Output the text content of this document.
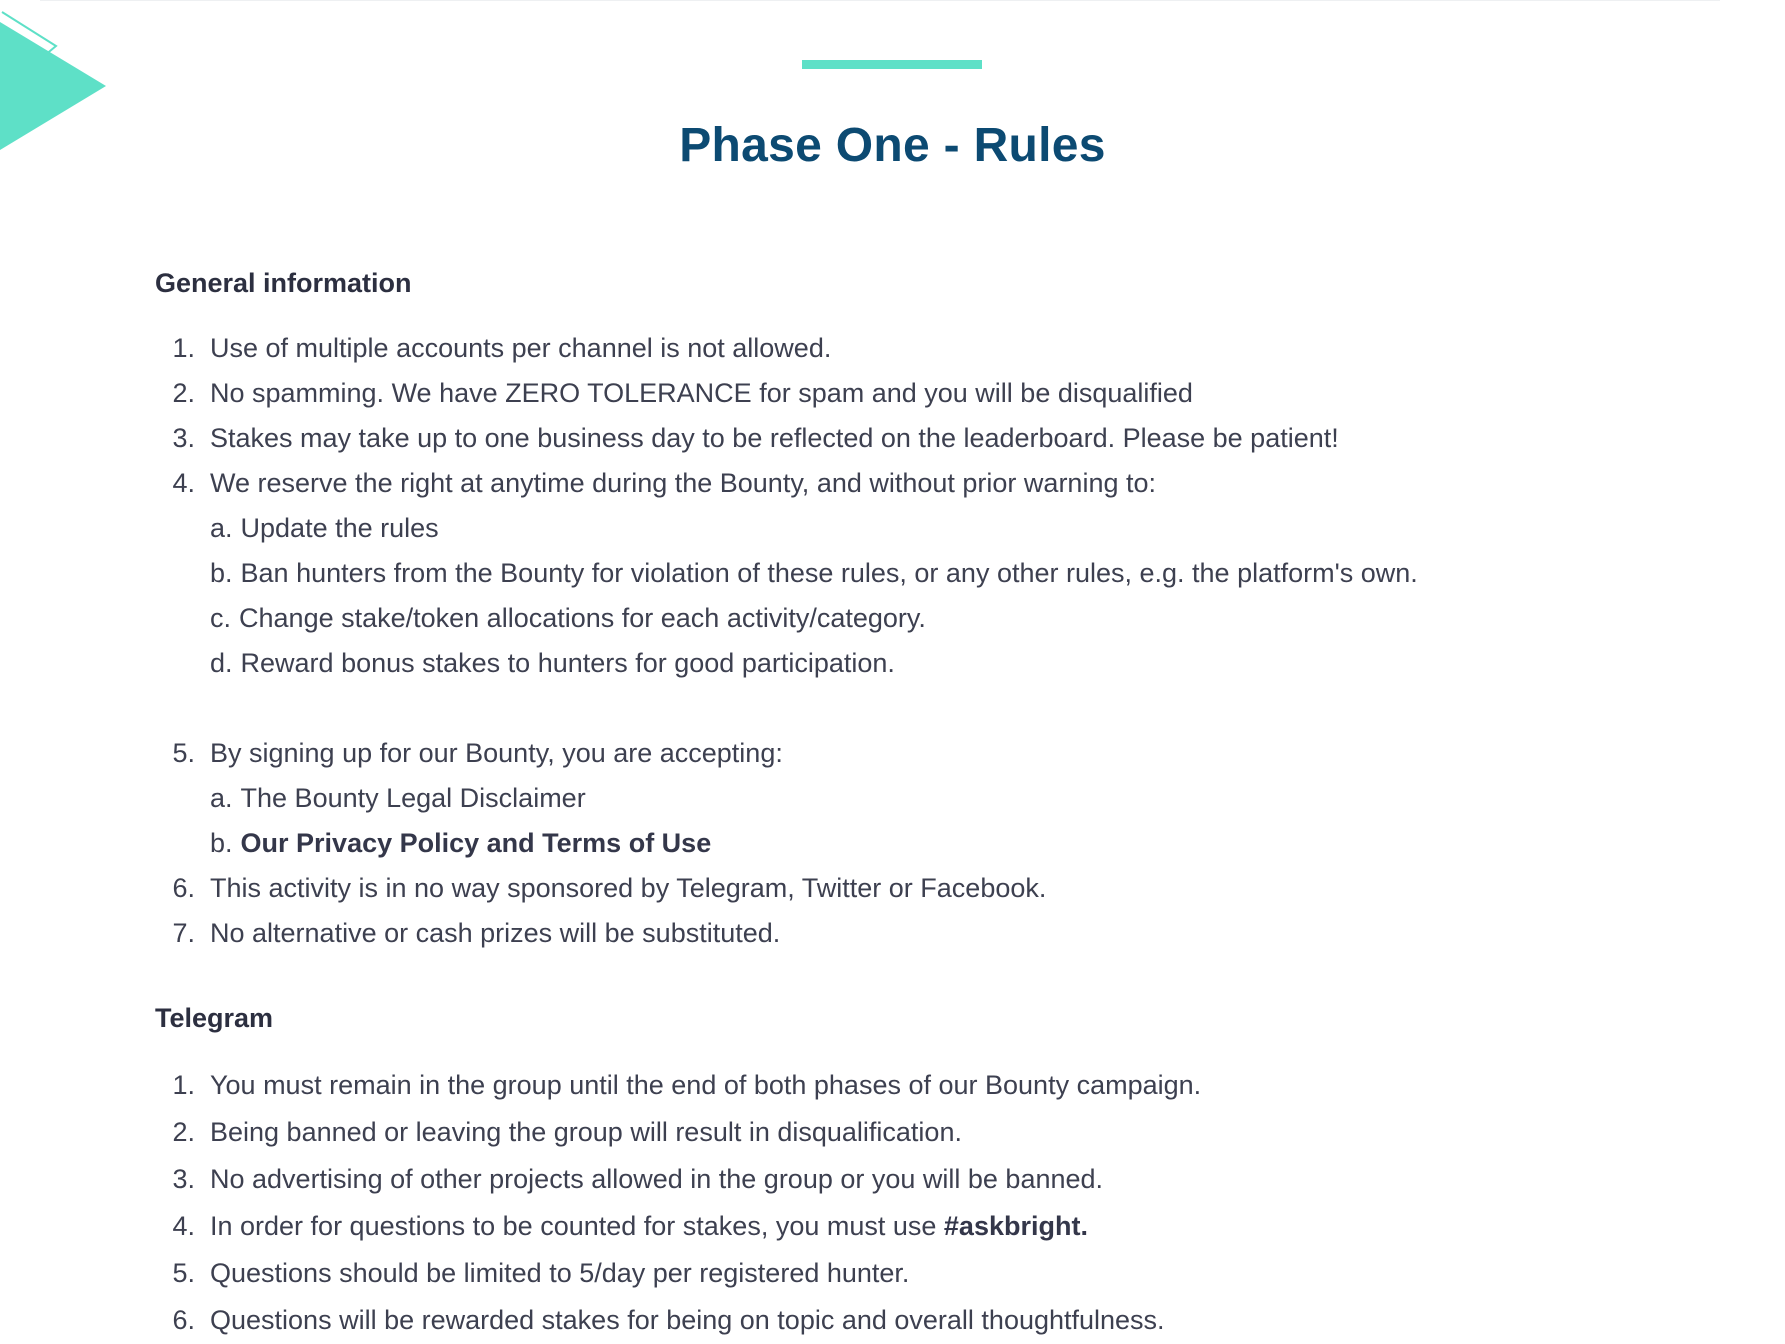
Phase One - Rules
General information
1. Use of multiple accounts per channel is not allowed.
2. No spamming. We have ZERO TOLERANCE for spam and you will be disqualified
3. Stakes may take up to one business day to be reflected on the leaderboard. Please be patient!
4. We reserve the right at anytime during the Bounty, and without prior warning to:
a. Update the rules
b. Ban hunters from the Bounty for violation of these rules, or any other rules, e.g. the platform's own.
c. Change stake/token allocations for each activity/category.
d. Reward bonus stakes to hunters for good participation.
5. By signing up for our Bounty, you are accepting:
a. The Bounty Legal Disclaimer
b. Our Privacy Policy and Terms of Use
6. This activity is in no way sponsored by Telegram, Twitter or Facebook.
7. No alternative or cash prizes will be substituted.
Telegram
1. You must remain in the group until the end of both phases of our Bounty campaign.
2. Being banned or leaving the group will result in disqualification.
3. No advertising of other projects allowed in the group or you will be banned.
4. In order for questions to be counted for stakes, you must use #askbright.
5. Questions should be limited to 5/day per registered hunter.
6. Questions will be rewarded stakes for being on topic and overall thoughtfulness.
